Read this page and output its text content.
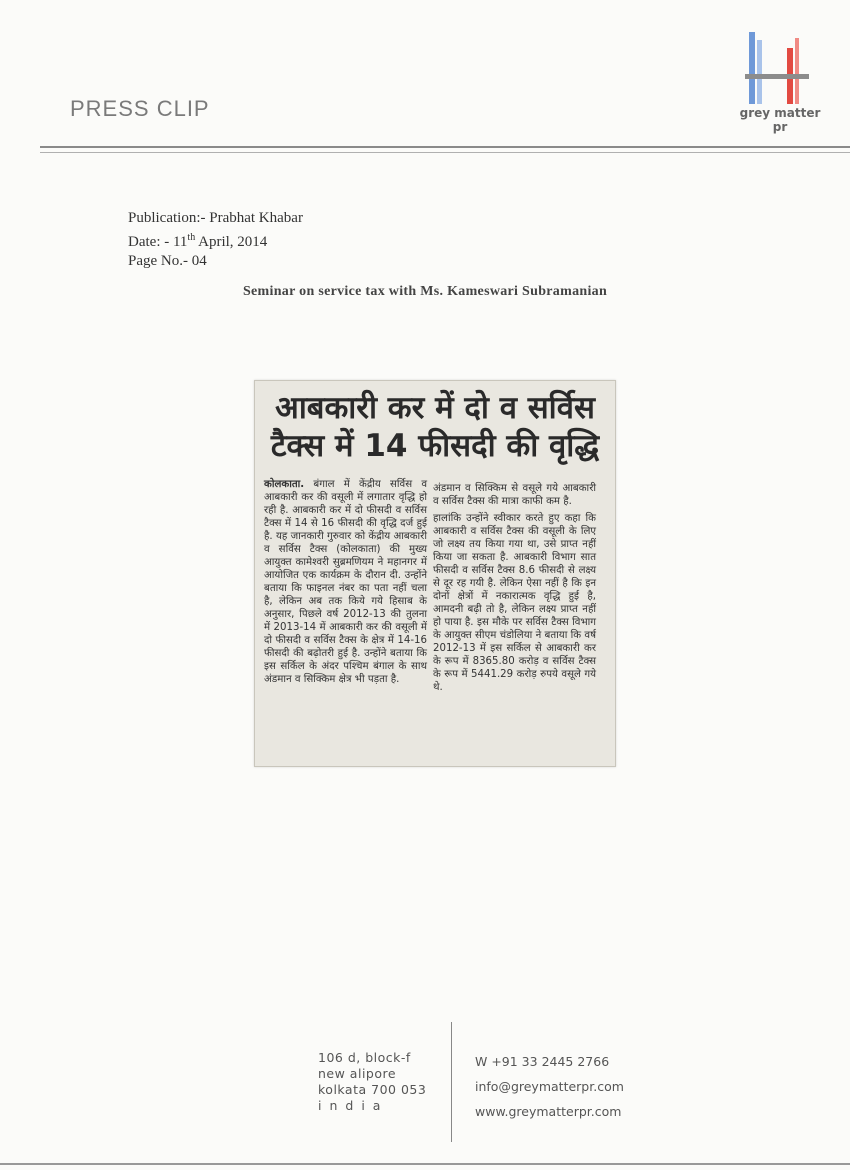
PRESS CLIP	grey matter pr
Publication:- Prabhat Khabar
Date: - 11th April, 2014
Page No.- 04
Seminar on service tax with Ms. Kameswari Subramanian
आबकारी कर में दो व सर्विस
टैक्स में 14 फीसदी की वृद्धि
कोलकाता. बंगाल में केंद्रीय सर्विस व आबकारी कर की वसूली में लगातार वृद्धि हो रही है. आबकारी कर में दो फीसदी व सर्विस टैक्स में 14 से 16 फीसदी की वृद्धि दर्ज हुई है. यह जानकारी गुरुवार को केंद्रीय आबकारी व सर्विस टैक्स (कोलकाता) की मुख्य आयुक्त कामेश्वरी सुब्रमणियम ने महानगर में आयोजित एक कार्यक्रम के दौरान दी. उन्होंने बताया कि फाइनल नंबर का पता नहीं चला है, लेकिन अब तक किये गये हिसाब के अनुसार, पिछले वर्ष 2012-13 की तुलना में 2013-14 में आबकारी कर की वसूली में दो फीसदी व सर्विस टैक्स के क्षेत्र में 14-16 फीसदी की बढ़ोतरी हुई है. उन्होंने बताया कि इस सर्किल के अंदर पश्चिम बंगाल के साथ अंडमान व सिक्किम क्षेत्र भी पड़ता है.

अंडमान व सिक्किम से वसूले गये आबकारी व सर्विस टैक्स की मात्रा काफी कम है.

हालांकि उन्होंने स्वीकार करते हुए कहा कि आबकारी व सर्विस टैक्स की वसूली के लिए जो लक्ष्य तय किया गया था, उसे प्राप्त नहीं किया जा सकता है. आबकारी विभाग सात फीसदी व सर्विस टैक्स 8.6 फीसदी से लक्ष्य से दूर रह गयी है. लेकिन ऐसा नहीं है कि इन दोनों क्षेत्रों में नकारात्मक वृद्धि हुई है, आमदनी बढ़ी तो है, लेकिन लक्ष्य प्राप्त नहीं हो पाया है. इस मौके पर सर्विस टैक्स विभाग के आयुक्त सीएम चंडोलिया ने बताया कि वर्ष 2012-13 में इस सर्किल से आबकारी कर के रूप में 8365.80 करोड़ व सर्विस टैक्स के रूप में 5441.29 करोड़ रुपये वसूले गये थे.

106 d, block-f
new alipore
kolkata 700 053
india
W +91 33 2445 2766
info@greymatterpr.com
www.greymatterpr.com
